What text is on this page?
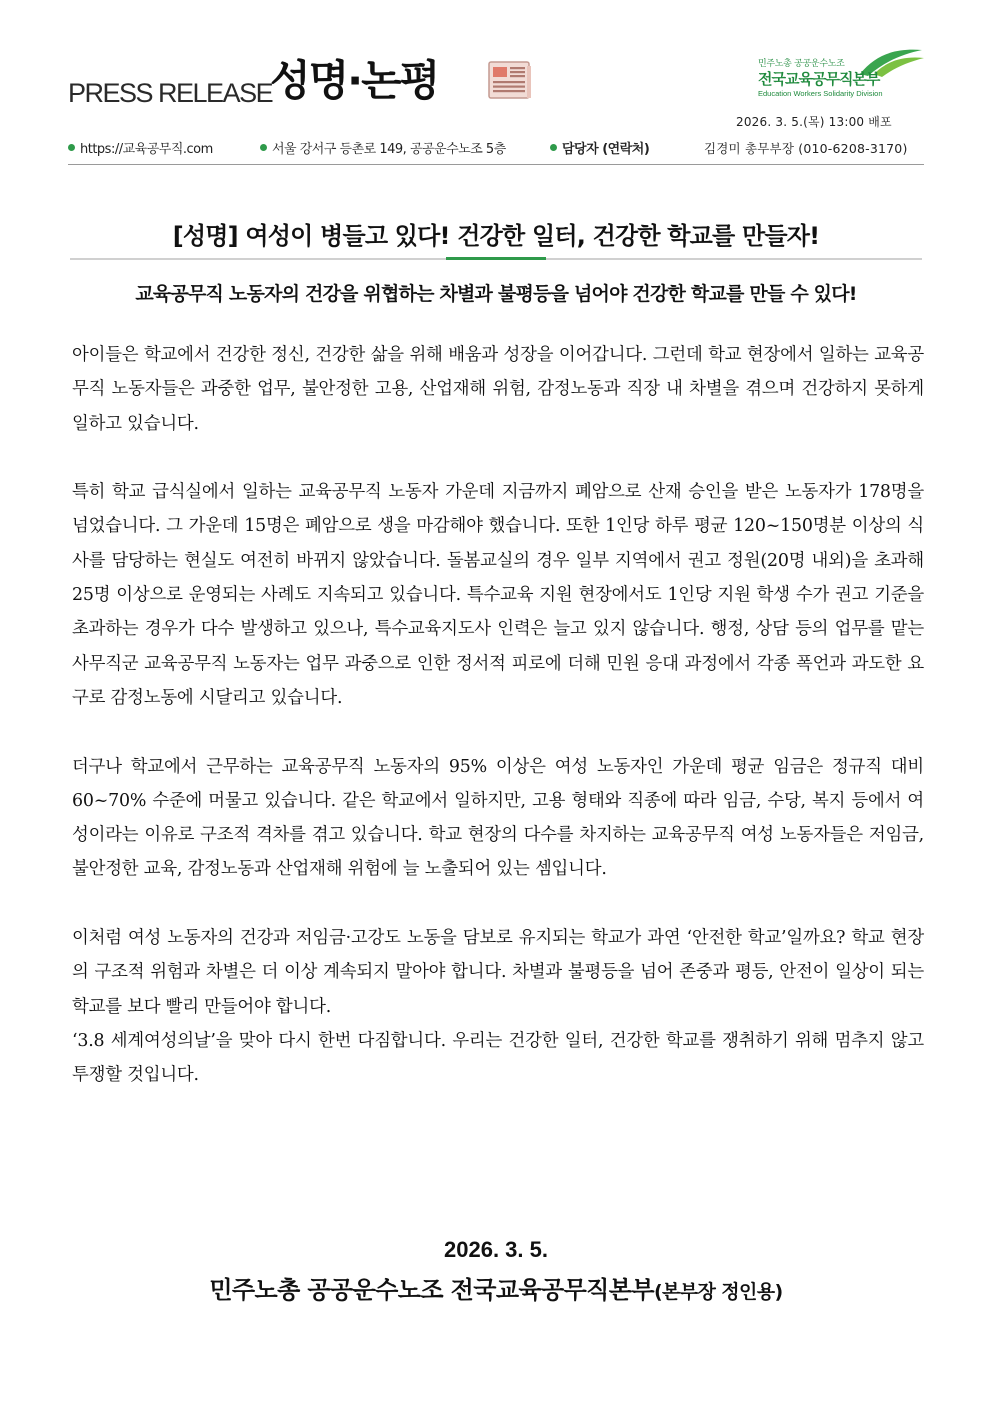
PRESS RELEASE
성명·논평	민주노총 공공운수노조
전국교육공무직본부
Education Workers Solidarity Division
2026. 3. 5.(목) 13:00 배포
https://교육공무직.com	서울 강서구 등촌로 149, 공공운수노조 5층	담당자 (연락처)	김경미 총무부장 (010-6208-3170)
[성명] 여성이 병들고 있다! 건강한 일터, 건강한 학교를 만들자!
교육공무직 노동자의 건강을 위협하는 차별과 불평등을 넘어야 건강한 학교를 만들 수 있다!

아이들은 학교에서 건강한 정신, 건강한 삶을 위해 배움과 성장을 이어갑니다. 그런데 학교 현장에서 일하는 교육공무직 노동자들은 과중한 업무, 불안정한 고용, 산업재해 위험, 감정노동과 직장 내 차별을 겪으며 건강하지 못하게 일하고 있습니다.

특히 학교 급식실에서 일하는 교육공무직 노동자 가운데 지금까지 폐암으로 산재 승인을 받은 노동자가 178명을 넘었습니다. 그 가운데 15명은 폐암으로 생을 마감해야 했습니다. 또한 1인당 하루 평균 120~150명분 이상의 식사를 담당하는 현실도 여전히 바뀌지 않았습니다. 돌봄교실의 경우 일부 지역에서 권고 정원(20명 내외)을 초과해 25명 이상으로 운영되는 사례도 지속되고 있습니다. 특수교육 지원 현장에서도 1인당 지원 학생 수가 권고 기준을 초과하는 경우가 다수 발생하고 있으나, 특수교육지도사 인력은 늘고 있지 않습니다. 행정, 상담 등의 업무를 맡는 사무직군 교육공무직 노동자는 업무 과중으로 인한 정서적 피로에 더해 민원 응대 과정에서 각종 폭언과 과도한 요구로 감정노동에 시달리고 있습니다.

더구나 학교에서 근무하는 교육공무직 노동자의 95% 이상은 여성 노동자인 가운데 평균 임금은 정규직 대비 60~70% 수준에 머물고 있습니다. 같은 학교에서 일하지만, 고용 형태와 직종에 따라 임금, 수당, 복지 등에서 여성이라는 이유로 구조적 격차를 겪고 있습니다. 학교 현장의 다수를 차지하는 교육공무직 여성 노동자들은 저임금, 불안정한 교육, 감정노동과 산업재해 위험에 늘 노출되어 있는 셈입니다.

이처럼 여성 노동자의 건강과 저임금·고강도 노동을 담보로 유지되는 학교가 과연 ‘안전한 학교’일까요? 학교 현장의 구조적 위험과 차별은 더 이상 계속되지 말아야 합니다. 차별과 불평등을 넘어 존중과 평등, 안전이 일상이 되는 학교를 보다 빨리 만들어야 합니다.

‘3.8 세계여성의날’을 맞아 다시 한번 다짐합니다. 우리는 건강한 일터, 건강한 학교를 쟁취하기 위해 멈추지 않고 투쟁할 것입니다.

2026. 3. 5.
민주노총 공공운수노조 전국교육공무직본부(본부장 정인용)
